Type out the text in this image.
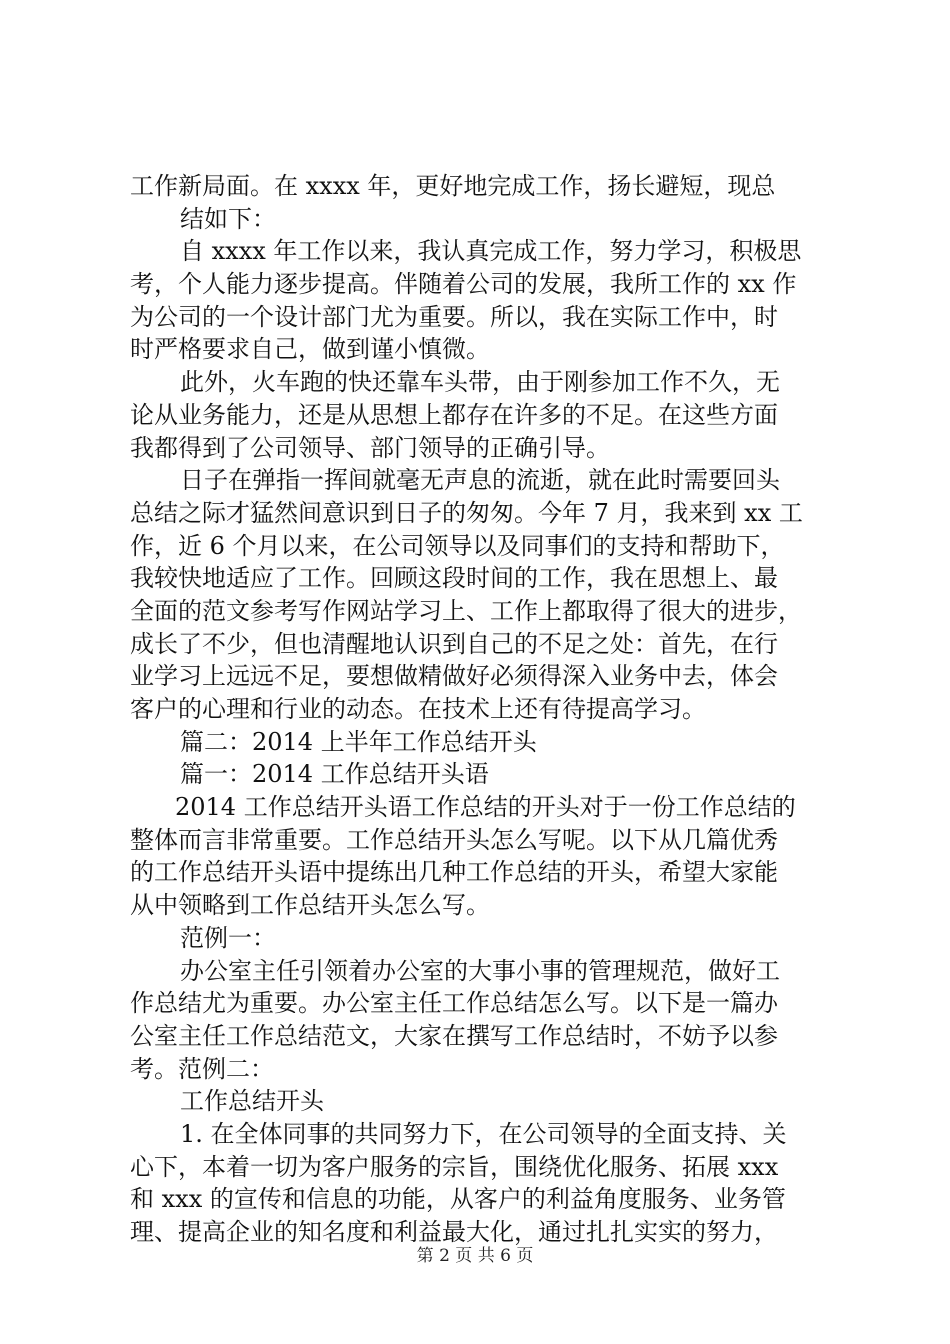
工作新局面。在 xxxx 年，更好地完成工作，扬长避短，现总
结如下：
自 xxxx 年工作以来，我认真完成工作，努力学习，积极思
考，个人能力逐步提高。伴随着公司的发展，我所工作的 xx 作
为公司的一个设计部门尤为重要。所以，我在实际工作中，时
时严格要求自己，做到谨小慎微。
此外，火车跑的快还靠车头带，由于刚参加工作不久，无
论从业务能力，还是从思想上都存在许多的不足。在这些方面
我都得到了公司领导、部门领导的正确引导。
日子在弹指一挥间就毫无声息的流逝，就在此时需要回头
总结之际才猛然间意识到日子的匆匆。今年 7 月，我来到 xx 工
作，近 6 个月以来，在公司领导以及同事们的支持和帮助下，
我较快地适应了工作。回顾这段时间的工作，我在思想上、最
全面的范文参考写作网站学习上、工作上都取得了很大的进步，
成长了不少，但也清醒地认识到自己的不足之处：首先，在行
业学习上远远不足，要想做精做好必须得深入业务中去，体会
客户的心理和行业的动态。在技术上还有待提高学习。
篇二：2014 上半年工作总结开头
篇一：2014 工作总结开头语
2014 工作总结开头语工作总结的开头对于一份工作总结的
整体而言非常重要。工作总结开头怎么写呢。以下从几篇优秀
的工作总结开头语中提练出几种工作总结的开头，希望大家能
从中领略到工作总结开头怎么写。
范例一：
办公室主任引领着办公室的大事小事的管理规范，做好工
作总结尤为重要。办公室主任工作总结怎么写。以下是一篇办
公室主任工作总结范文，大家在撰写工作总结时，不妨予以参
考。范例二：
工作总结开头
1. 在全体同事的共同努力下，在公司领导的全面支持、关
心下，本着一切为客户服务的宗旨，围绕优化服务、拓展 xxx
和 xxx 的宣传和信息的功能，从客户的利益角度服务、业务管
理、提高企业的知名度和利益最大化，通过扎扎实实的努力，
第 2 页 共 6 页
